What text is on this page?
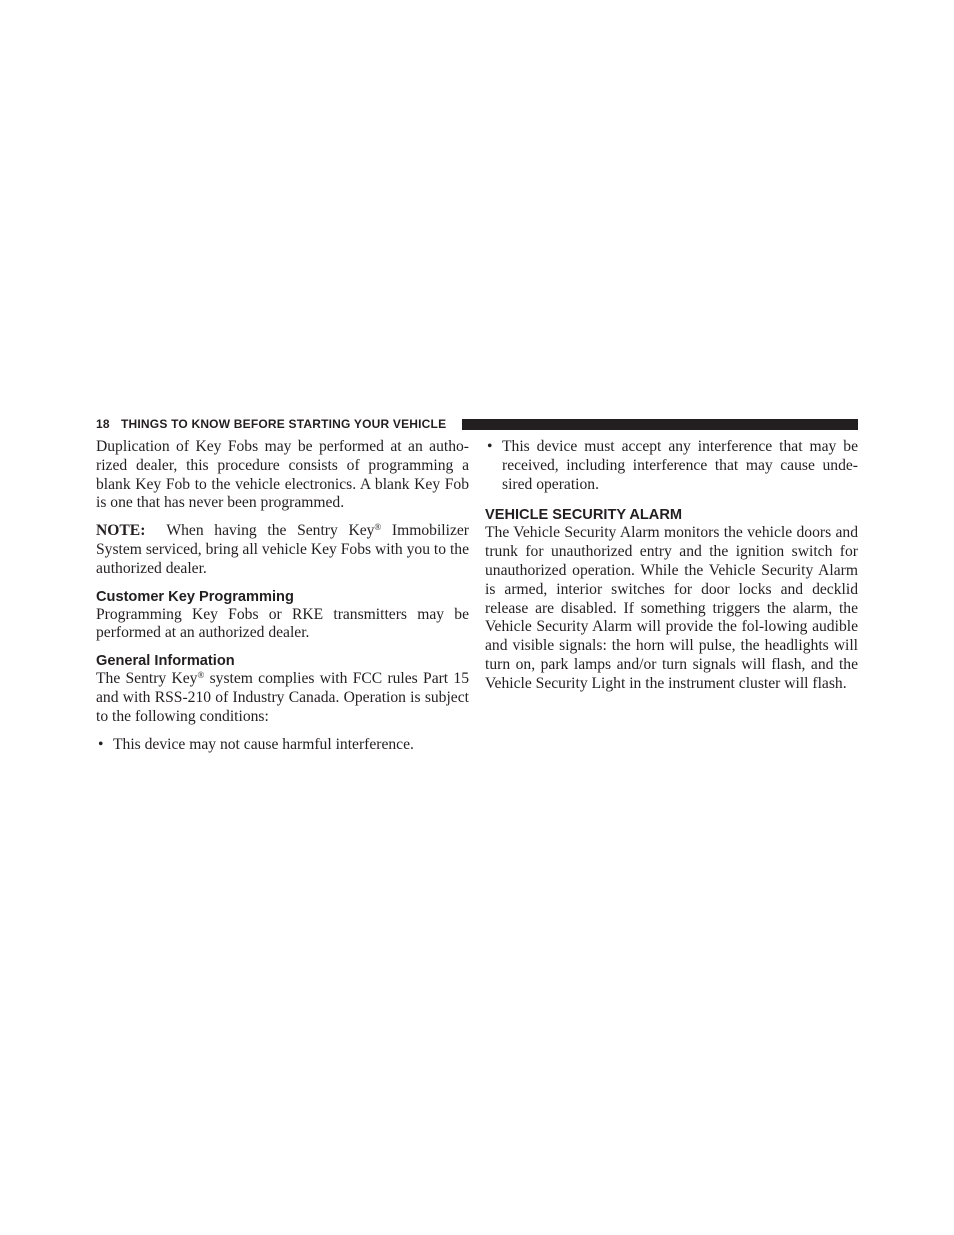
18 THINGS TO KNOW BEFORE STARTING YOUR VEHICLE

Duplication of Key Fobs may be performed at an autho-rized dealer, this procedure consists of programming a blank Key Fob to the vehicle electronics. A blank Key Fob is one that has never been programmed.

NOTE: When having the Sentry Key® Immobilizer System serviced, bring all vehicle Key Fobs with you to the authorized dealer.

Customer Key Programming

Programming Key Fobs or RKE transmitters may be performed at an authorized dealer.

General Information

The Sentry Key® system complies with FCC rules Part 15 and with RSS-210 of Industry Canada. Operation is subject to the following conditions:

• This device may not cause harmful interference.
• This device must accept any interference that may be received, including interference that may cause unde-sired operation.
VEHICLE SECURITY ALARM

The Vehicle Security Alarm monitors the vehicle doors and trunk for unauthorized entry and the ignition switch for unauthorized operation. While the Vehicle Security Alarm is armed, interior switches for door locks and decklid release are disabled. If something triggers the alarm, the Vehicle Security Alarm will provide the fol-lowing audible and visible signals: the horn will pulse, the headlights will turn on, park lamps and/or turn signals will flash, and the Vehicle Security Light in the instrument cluster will flash.
